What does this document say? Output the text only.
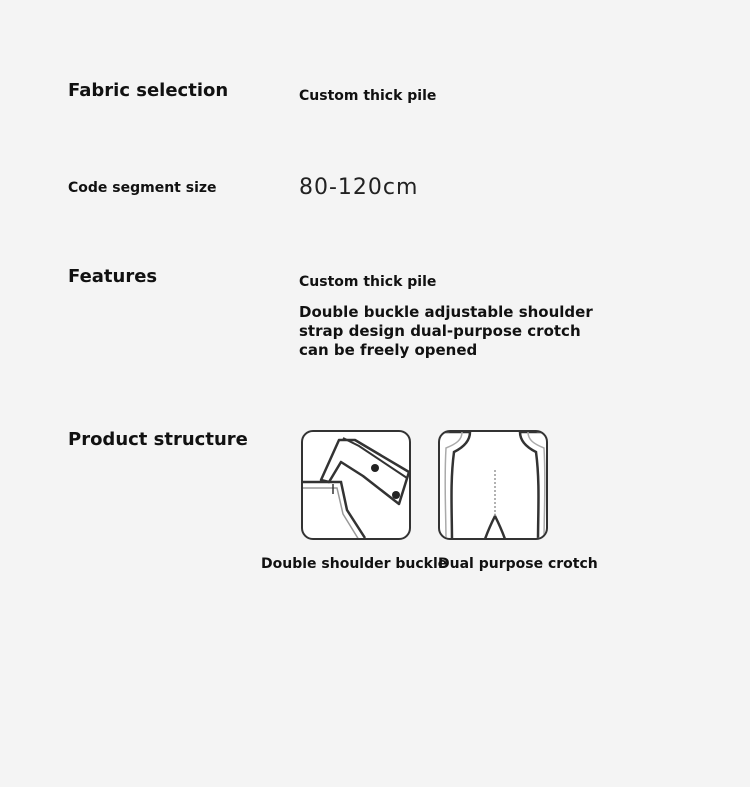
Fabric selection	Custom thick pile
Code segment size	80-120cm
Features	Custom thick pile
Double buckle adjustable shoulder strap design dual-purpose crotch can be freely opened
Product structure
Double shoulder buckle
Dual purpose crotch
